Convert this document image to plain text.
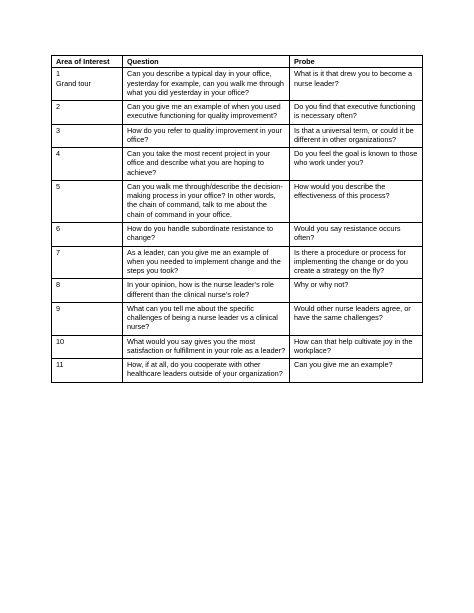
Area of Interest	Question	Probe

1
Grand tour	Can you describe a typical day in your office, yesterday for example, can you walk me through what you did yesterday in your office?	What is it that drew you to become a nurse leader?
2	Can you give me an example of when you used executive functioning for quality improvement?	Do you find that executive functioning is necessary often?
3	How do you refer to quality improvement in your office?	Is that a universal term, or could it be different in other organizations?
4	Can you take the most recent project in your office and describe what you are hoping to achieve?	Do you feel the goal is known to those who work under you?
5	Can you walk me through/describe the decision-making process in your office? In other words, the chain of command, talk to me about the chain of command in your office.	How would you describe the effectiveness of this process?
6	How do you handle subordinate resistance to change?	Would you say resistance occurs often?
7	As a leader, can you give me an example of when you needed to implement change and the steps you took?	Is there a procedure or process for implementing the change or do you create a strategy on the fly?
8	In your opinion, how is the nurse leader’s role different than the clinical nurse’s role?	Why or why not?
9	What can you tell me about the specific challenges of being a nurse leader vs a clinical nurse?	Would other nurse leaders agree, or have the same challenges?
10	What would you say gives you the most satisfaction or fulfillment in your role as a leader?	How can that help cultivate joy in the workplace?
11	How, if at all, do you cooperate with other healthcare leaders outside of your organization?	Can you give me an example?
